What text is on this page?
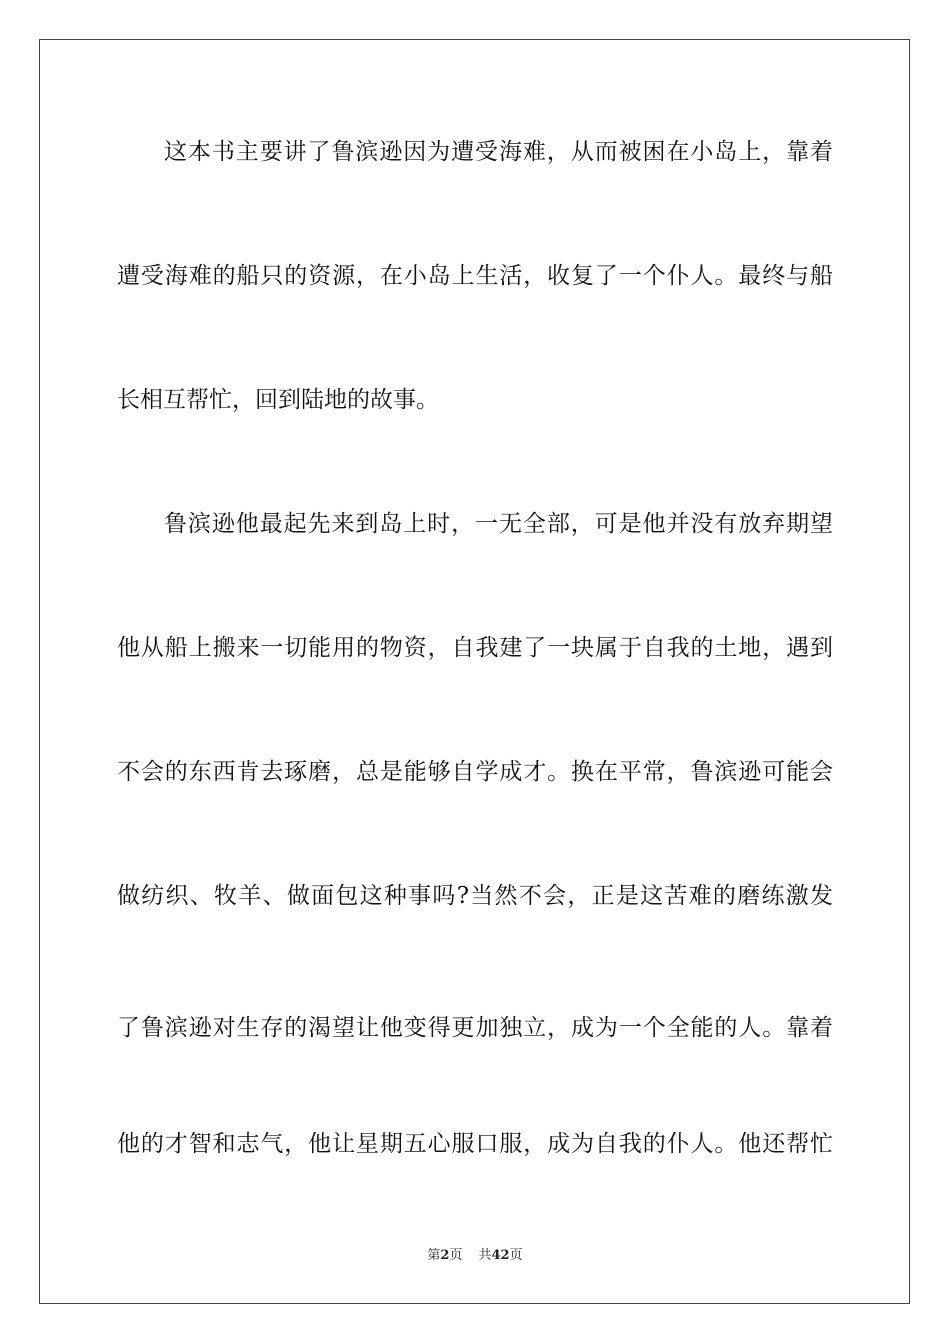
这本书主要讲了鲁滨逊因为遭受海难，从而被困在小岛上，靠着
遭受海难的船只的资源，在小岛上生活，收复了一个仆人。最终与船
长相互帮忙，回到陆地的故事。
鲁滨逊他最起先来到岛上时，一无全部，可是他并没有放弃期望
他从船上搬来一切能用的物资，自我建了一块属于自我的土地，遇到
不会的东西肯去琢磨，总是能够自学成才。换在平常，鲁滨逊可能会
做纺织、牧羊、做面包这种事吗?当然不会，正是这苦难的磨练激发
了鲁滨逊对生存的渴望让他变得更加独立，成为一个全能的人。靠着
他的才智和志气，他让星期五心服口服，成为自我的仆人。他还帮忙
第2页 共42页
